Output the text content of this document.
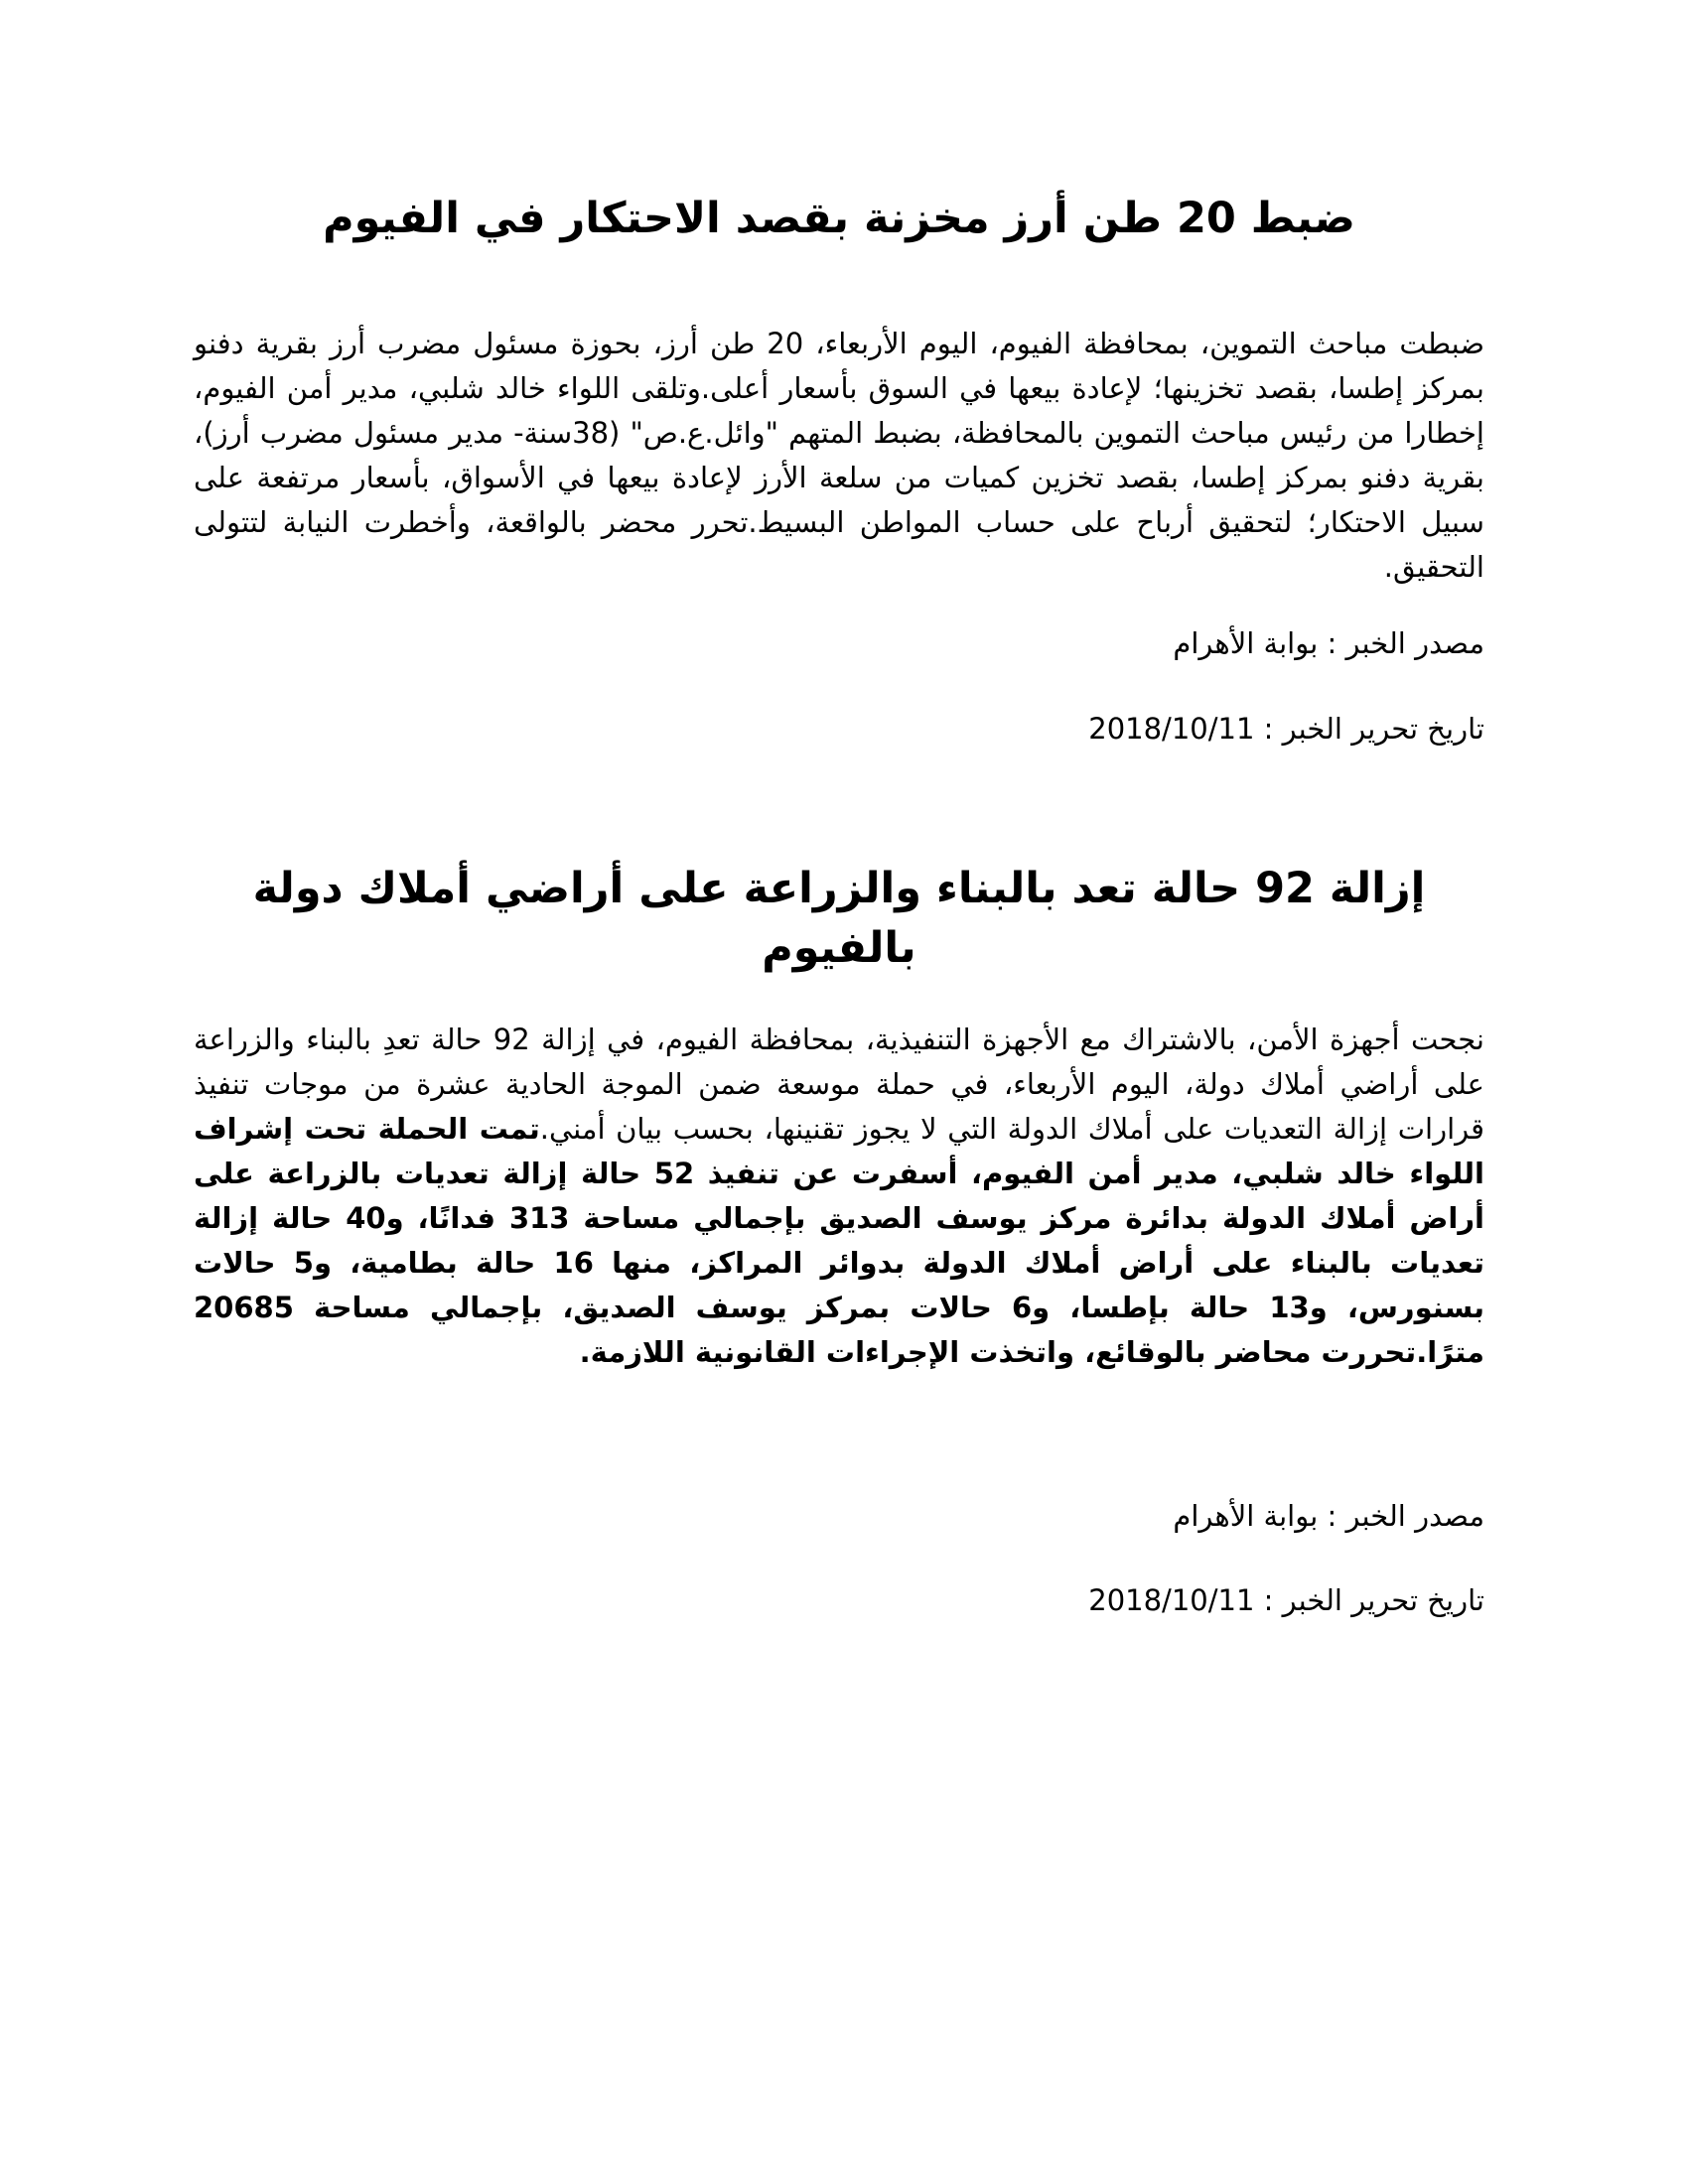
ضبط 20 طن أرز مخزنة بقصد الاحتكار في الفيوم

ضبطت مباحث التموين، بمحافظة الفيوم، اليوم الأربعاء، 20 طن أرز، بحوزة مسئول مضرب أرز بقرية دفنو بمركز إطسا، بقصد تخزينها؛ لإعادة بيعها في السوق بأسعار أعلى.وتلقى اللواء خالد شلبي، مدير أمن الفيوم، إخطارا من رئيس مباحث التموين بالمحافظة، بضبط المتهم "وائل.ع.ص" (38سنة- مدير مسئول مضرب أرز)، بقرية دفنو بمركز إطسا، بقصد تخزين كميات من سلعة الأرز لإعادة بيعها في الأسواق، بأسعار مرتفعة على سبيل الاحتكار؛ لتحقيق أرباح على حساب المواطن البسيط.تحرر محضر بالواقعة، وأخطرت النيابة لتتولى التحقيق.

مصدر الخبر : بوابة الأهرام

تاريخ تحرير الخبر : 2018/10/11

إزالة 92 حالة تعد بالبناء والزراعة على أراضي أملاك دولة بالفيوم

نجحت أجهزة الأمن، بالاشتراك مع الأجهزة التنفيذية، بمحافظة الفيوم، في إزالة 92 حالة تعدِ بالبناء والزراعة على أراضي أملاك دولة، اليوم الأربعاء، في حملة موسعة ضمن الموجة الحادية عشرة من موجات تنفيذ قرارات إزالة التعديات على أملاك الدولة التي لا يجوز تقنينها، بحسب بيان أمني.تمت الحملة تحت إشراف اللواء خالد شلبي، مدير أمن الفيوم، أسفرت عن تنفيذ 52 حالة إزالة تعديات بالزراعة على أراض أملاك الدولة بدائرة مركز يوسف الصديق بإجمالي مساحة 313 فدانًا، و40 حالة إزالة تعديات بالبناء على أراض أملاك الدولة بدوائر المراكز، منها 16 حالة بطامية، و5 حالات بسنورس، و13 حالة بإطسا، و6 حالات بمركز يوسف الصديق، بإجمالي مساحة 20685 مترًا.تحررت محاضر بالوقائع، واتخذت الإجراءات القانونية اللازمة.

مصدر الخبر : بوابة الأهرام

تاريخ تحرير الخبر : 2018/10/11
